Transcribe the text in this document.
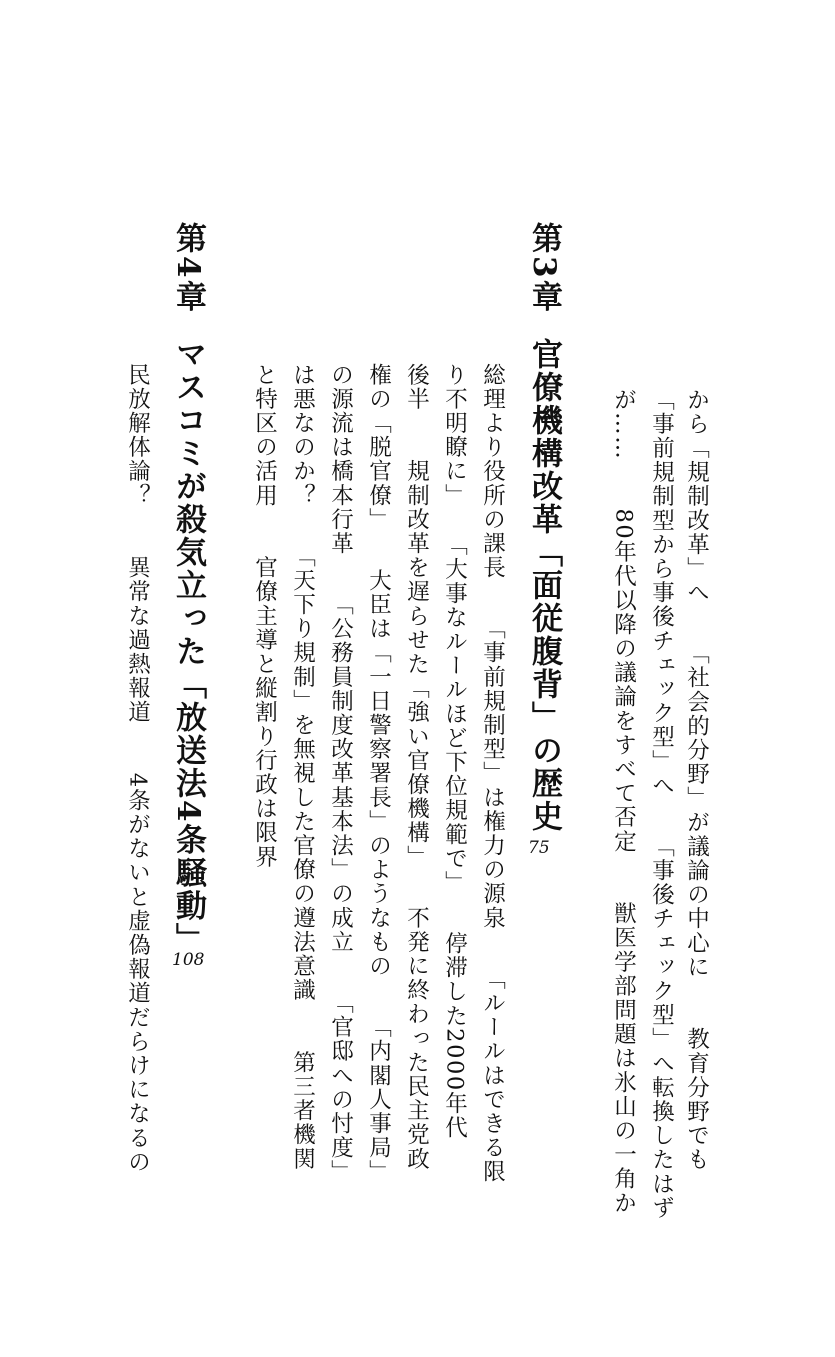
から「規制改革」へ　　「社会的分野」が議論の中心に　　教育分野でも
「事前規制型から事後チェック型」へ　　「事後チェック型」へ転換したはず
が……　　80年代以降の議論をすべて否定　　獣医学部問題は氷山の一角か
第3章
官僚機構改革「面従腹背」の歴史
75
総理より役所の課長　　「事前規制型」は権力の源泉　　「ルールはできる限
り不明瞭に」　　「大事なルールほど下位規範で」　　停滞した2000年代
後半　　規制改革を遅らせた「強い官僚機構」　　不発に終わった民主党政
権の「脱官僚」　　大臣は「一日警察署長」のようなもの　　「内閣人事局」
の源流は橋本行革　　「公務員制度改革基本法」の成立　　「官邸への忖度」
は悪なのか？　　「天下り規制」を無視した官僚の遵法意識　　第三者機関
と特区の活用　　官僚主導と縦割り行政は限界
第4章
マスコミが殺気立った「放送法4条騒動」
108
民放解体論？　　異常な過熱報道　　4条がないと虚偽報道だらけになるの
